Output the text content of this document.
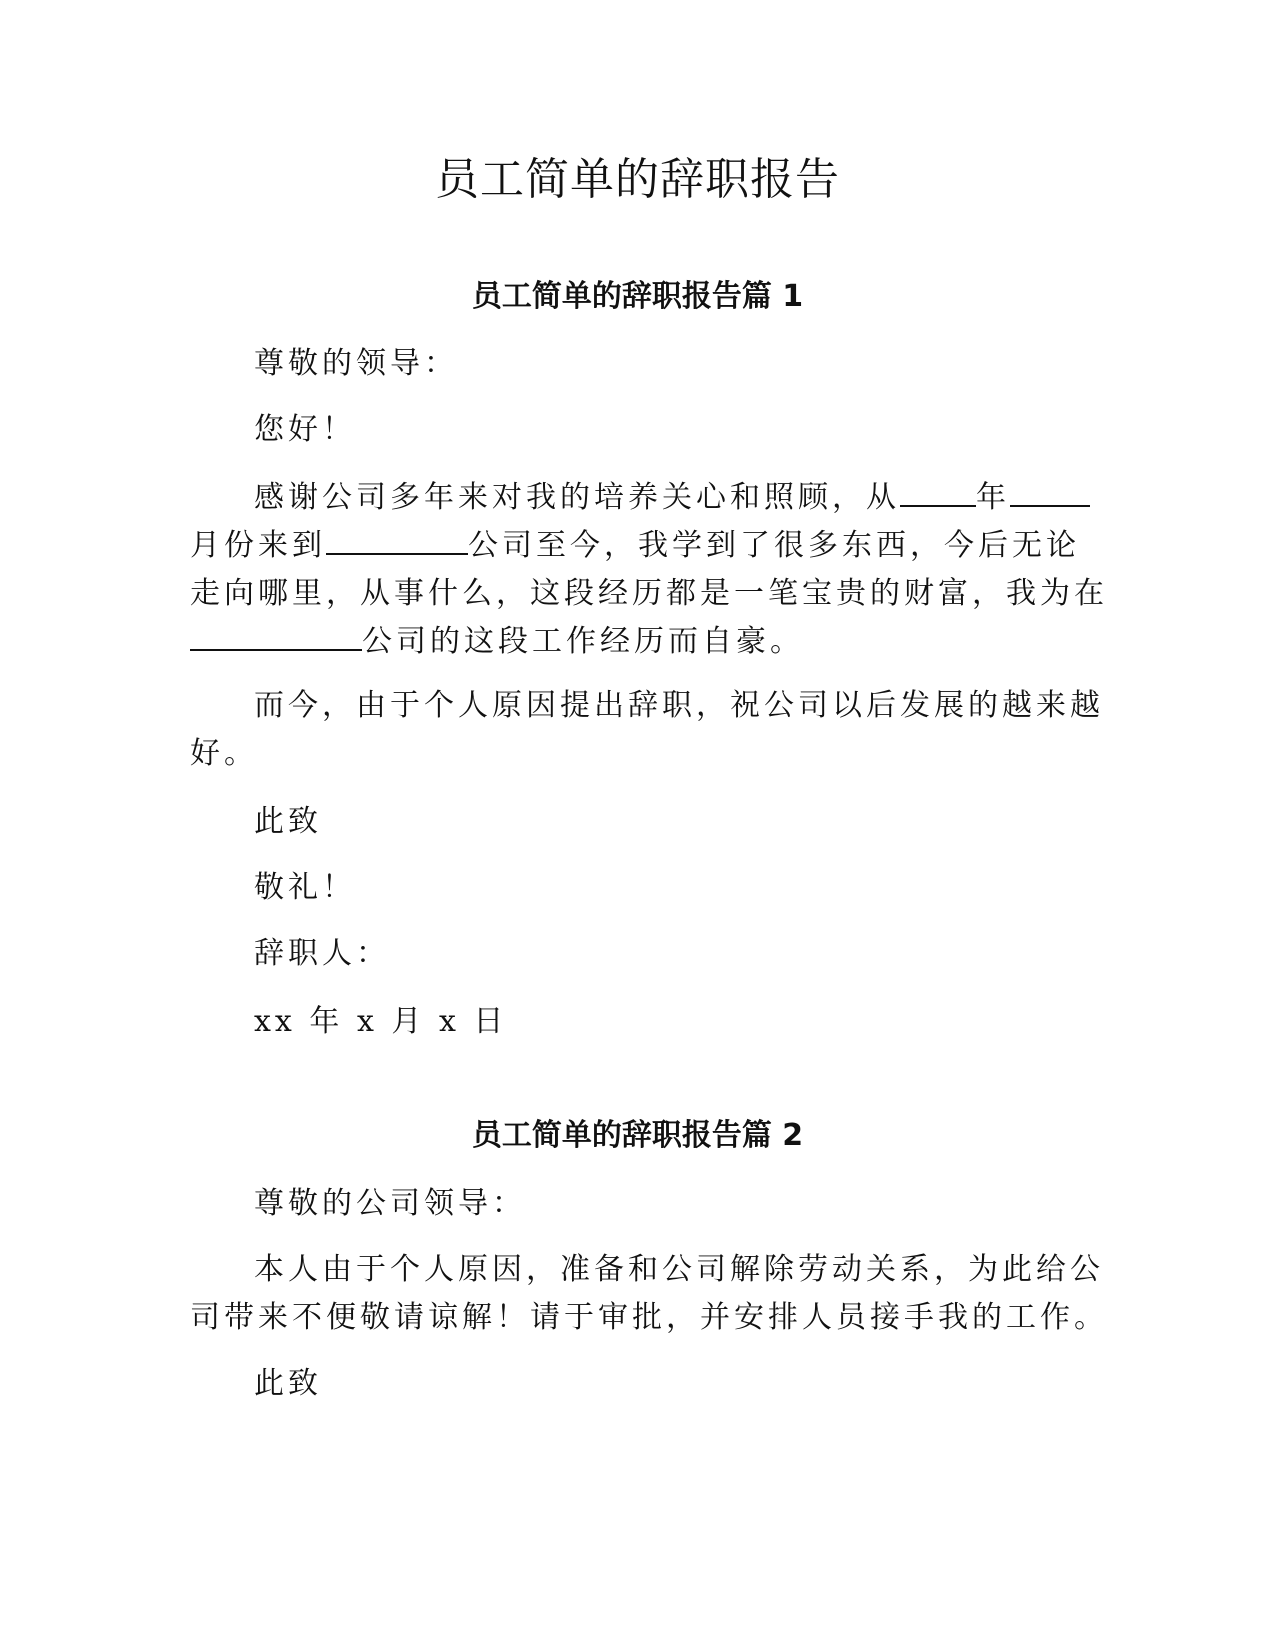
员工简单的辞职报告
员工简单的辞职报告篇 1
尊敬的领导：
您好！
感谢公司多年来对我的培养关心和照顾，从	年
月份来到	公司至今，我学到了很多东西，今后无论
走向哪里，从事什么，这段经历都是一笔宝贵的财富，我为在
公司的这段工作经历而自豪。
而今，由于个人原因提出辞职，祝公司以后发展的越来越
好。
此致
敬礼！
辞职人：
xx 年 x 月 x 日
员工简单的辞职报告篇 2
尊敬的公司领导：
本人由于个人原因，准备和公司解除劳动关系，为此给公
司带来不便敬请谅解！请于审批，并安排人员接手我的工作。
此致
